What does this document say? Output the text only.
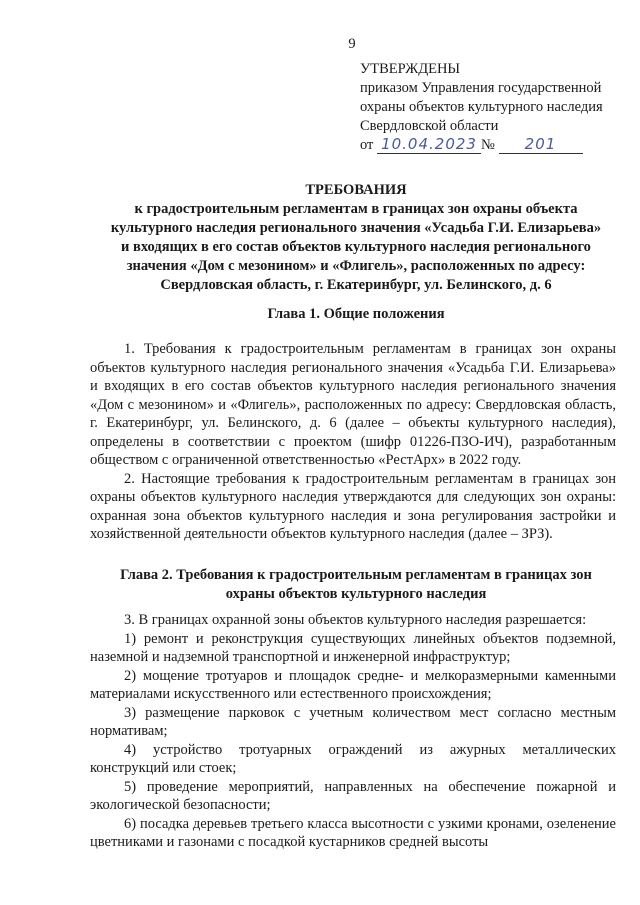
9
УТВЕРЖДЕНЫ
приказом Управления государственной
охраны объектов культурного наследия
Свердловской области
от 10.04.2023 № 201
ТРЕБОВАНИЯ
к градостроительным регламентам в границах зон охраны объекта
культурного наследия регионального значения «Усадьба Г.И. Елизарьева»
и входящих в его состав объектов культурного наследия регионального
значения «Дом с мезонином» и «Флигель», расположенных по адресу:
Свердловская область, г. Екатеринбург, ул. Белинского, д. 6
Глава 1. Общие положения

1. Требования к градостроительным регламентам в границах зон охраны объектов культурного наследия регионального значения «Усадьба Г.И. Елизарьева» и входящих в его состав объектов культурного наследия регионального значения «Дом с мезонином» и «Флигель», расположенных по адресу: Свердловская область, г. Екатеринбург, ул. Белинского, д. 6 (далее – объекты культурного наследия), определены в соответствии с проектом (шифр 01226-ПЗО-ИЧ), разработанным обществом с ограниченной ответственностью «РестАрх» в 2022 году.

2. Настоящие требования к градостроительным регламентам в границах зон охраны объектов культурного наследия утверждаются для следующих зон охраны: охранная зона объектов культурного наследия и зона регулирования застройки и хозяйственной деятельности объектов культурного наследия (далее – ЗРЗ).

Глава 2. Требования к градостроительным регламентам в границах зон
охраны объектов культурного наследия

3. В границах охранной зоны объектов культурного наследия разрешается:

1) ремонт и реконструкция существующих линейных объектов подземной, наземной и надземной транспортной и инженерной инфраструктур;

2) мощение тротуаров и площадок средне- и мелкоразмерными каменными материалами искусственного или естественного происхождения;

3) размещение парковок с учетным количеством мест согласно местным нормативам;

4) устройство тротуарных ограждений из ажурных металлических конструкций или стоек;

5) проведение мероприятий, направленных на обеспечение пожарной и экологической безопасности;

6) посадка деревьев третьего класса высотности с узкими кронами, озеленение цветниками и газонами с посадкой кустарников средней высоты
